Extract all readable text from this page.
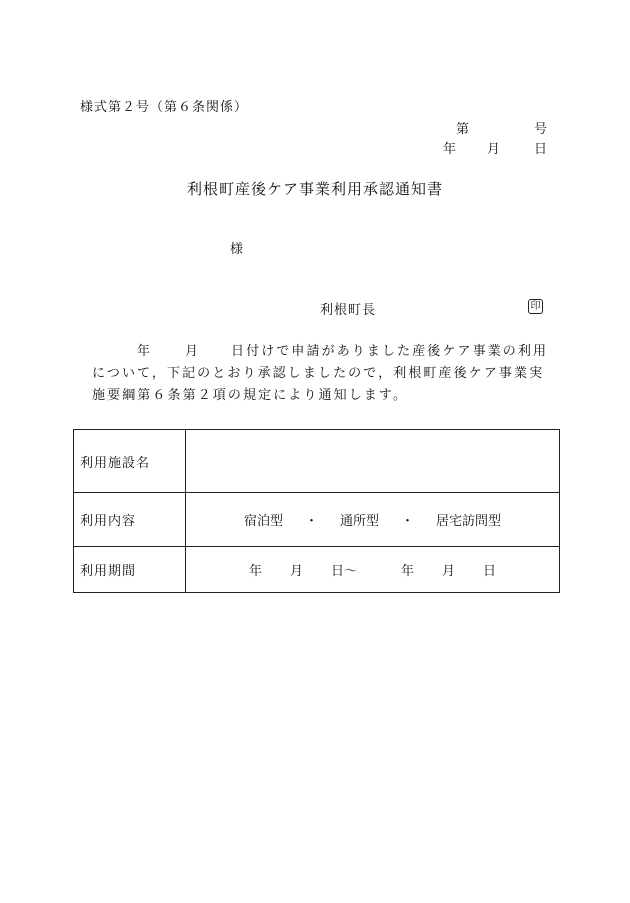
様式第２号（第６条関係）
第	号
年 月	日
利根町産後ケア事業利用承認通知書
様
利根町長	印
年	月 日付けで申請がありました産後ケア事業の利用
について，下記のとおり承認しましたので，利根町産後ケア事業実
施要綱第６条第２項の規定により通知します。
利用施設名	
利用内容	宿泊型 ・ 通所型 ・ 居宅訪問型
利用期間	年 月 日～ 年 月 日
